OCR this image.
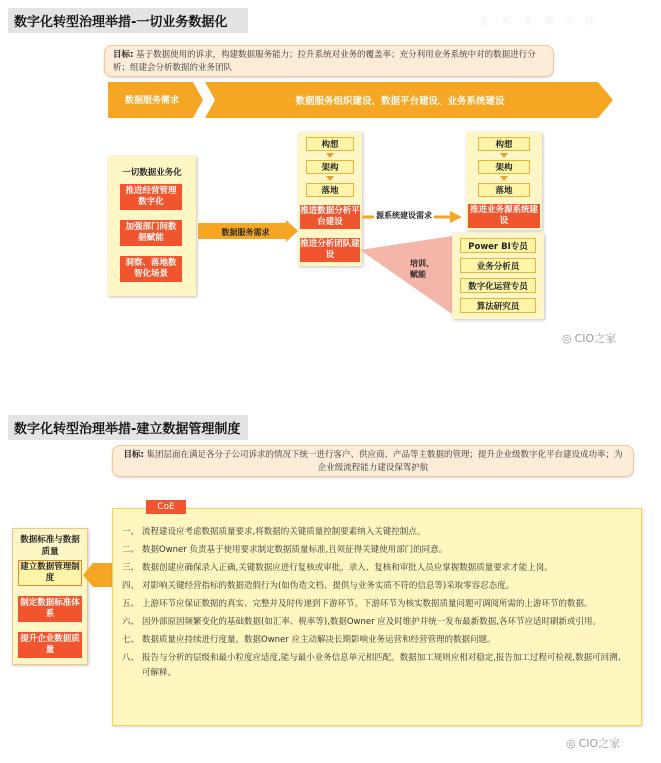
数字化转型治理举措-一切业务数据化	在 本 文 案 中 添
目标: 基于数据使用的诉求，构建数据服务能力；拉升系统对业务的覆盖率；充分利用业务系统中对的数据进行分析；组建会分析数据的业务团队
数据服务需求	数据服务组织建设、数据平台建设、业务系统建设
一切数据业务化
推进经营管理数字化
加强部门间数据赋能
洞察、落地数智化场景
数据服务需求
构想
架构
落地
推进数据分析平台建设
推进分析团队建设
源系统建设需求
构想
架构
落地
推进业务源系统建设
培训、赋能
Power BI专员
业务分析员
数字化运营专员
算法研究员
◎ CIO之家
数字化转型治理举措-建立数据管理制度
目标: 集团层面在满足各分子公司诉求的情况下统一进行客户、供应商、产品等主数据的管理；提升企业级数字化平台建设成功率；为企业级流程能力建设保驾护航
数据标准与数据质量
建立数据管理制度
制定数据标准体系
提升企业数据质量
CoE
一、 流程建设应考虑数据质量要求,将数据的关键质量控制要素纳入关键控制点。
二、 数据Owner 负责基于使用要求制定数据质量标准,且须征得关键使用部门的同意。
三、 数据创建应确保录入正确,关键数据应进行复核或审批。录入、复核和审批人员应掌握数据质量要求才能上岗。
四、 对影响关键经营指标的数据造假行为(如伪造文档、提供与业务实质不符的信息等)采取零容忍态度。
五、 上游环节应保证数据的真实、完整并及时传递到下游环节。下游环节为核实数据质量问题可调阅所需的上游环节的数据。
六、 因外部原因频繁变化的基础数据(如汇率、税率等),数据Owner 应及时维护并统一发布最新数据,各环节应适时刷新或引用。
七、 数据质量应持续进行度量。数据Owner 应主动解决长期影响业务运营和经营管理的数据问题。
八、 报告与分析的层级和最小粒度应适度,能与最小业务信息单元相匹配。数据加工规则应相对稳定,报告加工过程可检视,数据可回溯、可解释。
◎ CIO之家
